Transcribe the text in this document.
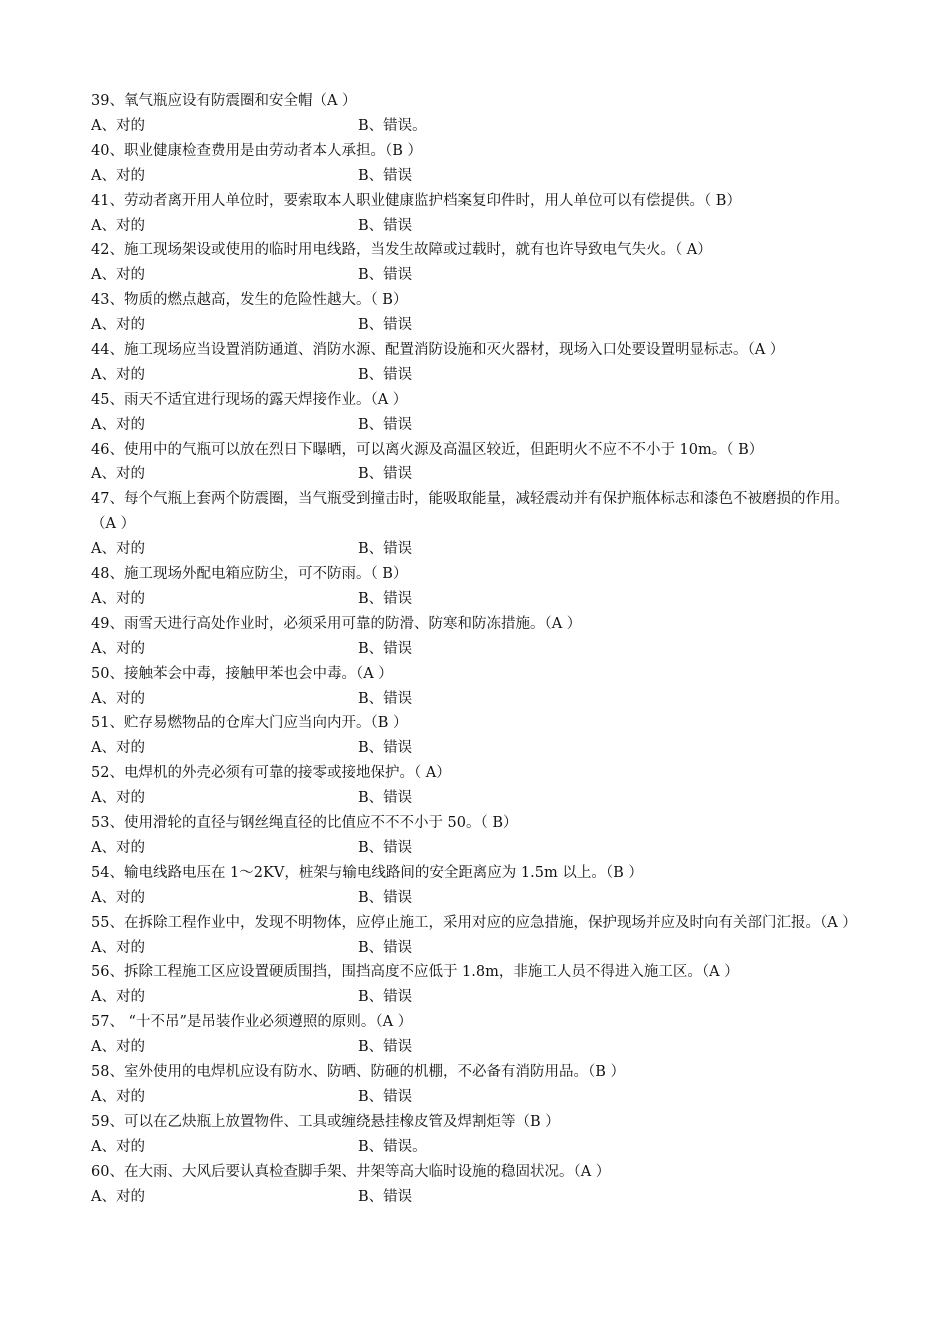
39、氧气瓶应设有防震圈和安全帽（A ）
A、对的	B、错误。
40、职业健康检查费用是由劳动者本人承担。（B ）
A、对的	B、错误
41、劳动者离开用人单位时，要索取本人职业健康监护档案复印件时，用人单位可以有偿提供。（ B）
A、对的	B、错误
42、施工现场架设或使用的临时用电线路，当发生故障或过载时，就有也许导致电气失火。（ A）
A、对的	B、错误
43、物质的燃点越高，发生的危险性越大。（ B）
A、对的	B、错误
44、施工现场应当设置消防通道、消防水源、配置消防设施和灭火器材，现场入口处要设置明显标志。（A ）
A、对的	B、错误
45、雨天不适宜进行现场的露天焊接作业。（A ）
A、对的	B、错误
46、使用中的气瓶可以放在烈日下曝晒，可以离火源及高温区较近，但距明火不应不不小于 10m。（ B）
A、对的	B、错误
47、每个气瓶上套两个防震圈，当气瓶受到撞击时，能吸取能量，减轻震动并有保护瓶体标志和漆色不被磨损的作用。（A ）
A、对的	B、错误
48、施工现场外配电箱应防尘，可不防雨。（ B）
A、对的	B、错误
49、雨雪天进行高处作业时，必须采用可靠的防滑、防寒和防冻措施。（A ）
A、对的	B、错误
50、接触苯会中毒，接触甲苯也会中毒。（A ）
A、对的	B、错误
51、贮存易燃物品的仓库大门应当向内开。（B ）
A、对的	B、错误
52、电焊机的外壳必须有可靠的接零或接地保护。（ A）
A、对的	B、错误
53、使用滑轮的直径与钢丝绳直径的比值应不不不小于 50。（ B）
A、对的	B、错误
54、输电线路电压在 1～2KV，桩架与输电线路间的安全距离应为 1.5m 以上。（B ）
A、对的	B、错误
55、在拆除工程作业中，发现不明物体，应停止施工，采用对应的应急措施，保护现场并应及时向有关部门汇报。（A ）
A、对的	B、错误
56、拆除工程施工区应设置硬质围挡，围挡高度不应低于 1.8m，非施工人员不得进入施工区。（A ）
A、对的	B、错误
57、 “十不吊”是吊装作业必须遵照的原则。（A ）
A、对的	B、错误
58、室外使用的电焊机应设有防水、防晒、防砸的机棚，不必备有消防用品。（B ）
A、对的	B、错误
59、可以在乙炔瓶上放置物件、工具或缠绕悬挂橡皮管及焊割炬等（B ）
A、对的	B、错误。
60、在大雨、大风后要认真检查脚手架、井架等高大临时设施的稳固状况。（A ）
A、对的	B、错误
